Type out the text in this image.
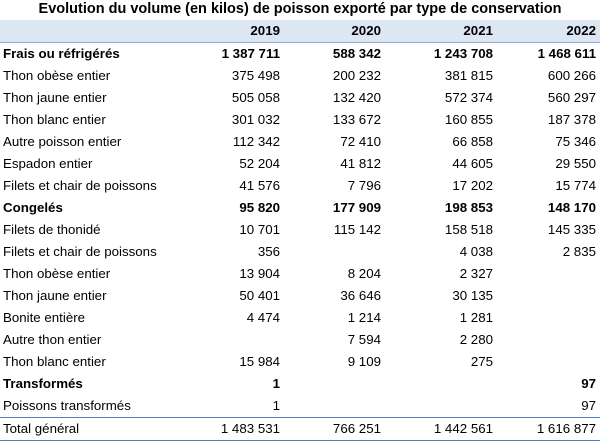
Evolution du volume (en kilos) de poisson exporté par type de conservation
	2019	2020	2021	2022
Frais ou réfrigérés	1 387 711	588 342	1 243 708	1 468 611
Thon obèse entier	375 498	200 232	381 815	600 266
Thon jaune entier	505 058	132 420	572 374	560 297
Thon blanc entier	301 032	133 672	160 855	187 378
Autre poisson entier	112 342	72 410	66 858	75 346
Espadon entier	52 204	41 812	44 605	29 550
Filets et chair de poissons	41 576	7 796	17 202	15 774
Congelés	95 820	177 909	198 853	148 170
Filets de thonidé	10 701	115 142	158 518	145 335
Filets et chair de poissons	356		4 038	2 835
Thon obèse entier	13 904	8 204	2 327	
Thon jaune entier	50 401	36 646	30 135	
Bonite entière	4 474	1 214	1 281	
Autre thon entier		7 594	2 280	
Thon blanc entier	15 984	9 109	275	
Transformés	1			97
Poissons transformés	1			97
Total général	1 483 531	766 251	1 442 561	1 616 877
